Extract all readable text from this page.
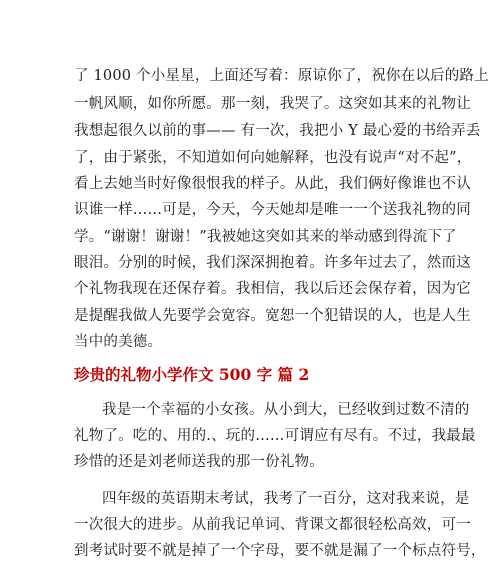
了 1000 个小星星，上面还写着：原谅你了，祝你在以后的路上
一帆风顺，如你所愿。那一刻，我哭了。这突如其来的礼物让
我想起很久以前的事—— 有一次，我把小 Y 最心爱的书给弄丢
了，由于紧张，不知道如何向她解释，也没有说声“对不起”，
看上去她当时好像很恨我的样子。从此，我们俩好像谁也不认
识谁一样……可是，今天，今天她却是唯一一个送我礼物的同
学。“谢谢！谢谢！”我被她这突如其来的举动感到得流下了
眼泪。分别的时候，我们深深拥抱着。许多年过去了，然而这
个礼物我现在还保存着。我相信，我以后还会保存着，因为它
是提醒我做人先要学会宽容。宽恕一个犯错误的人，也是人生
当中的美德。
珍贵的礼物小学作文 500 字 篇 2
我是一个幸福的小女孩。从小到大，已经收到过数不清的
礼物了。吃的、用的.、玩的……可谓应有尽有。不过，我最最
珍惜的还是刘老师送我的那一份礼物。
四年级的英语期末考试，我考了一百分，这对我来说，是
一次很大的进步。从前我记单词、背课文都很轻松高效，可一
到考试时要不就是掉了一个字母，要不就是漏了一个标点符号，
